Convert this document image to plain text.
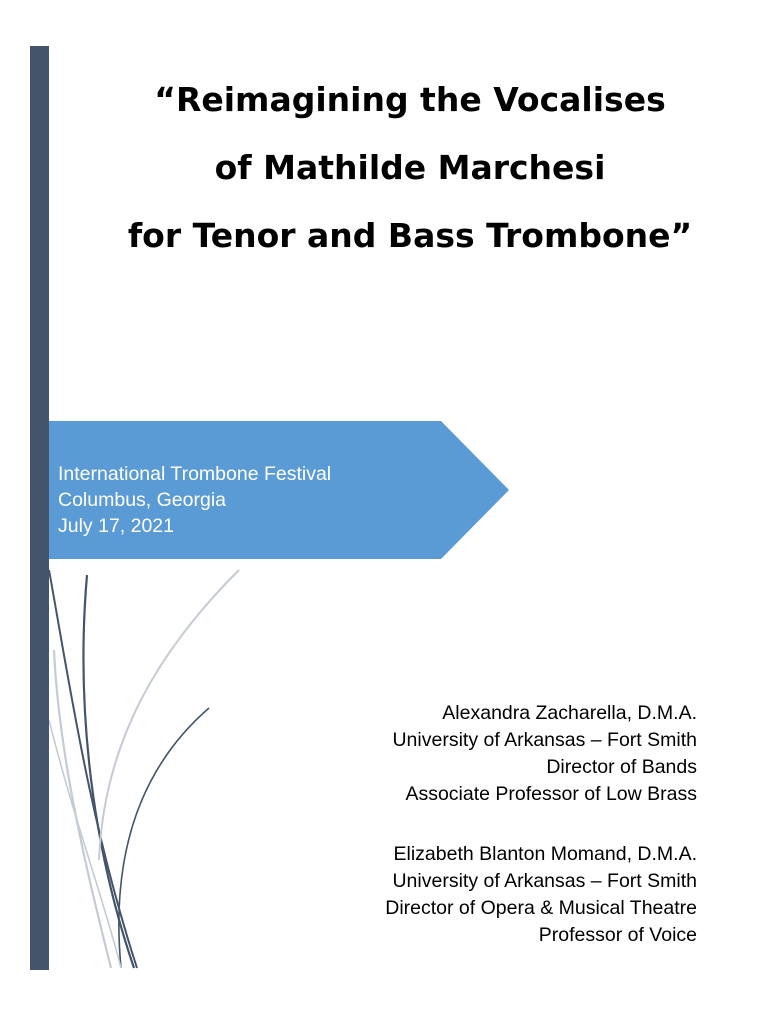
“Reimagining the Vocalises
of Mathilde Marchesi
for Tenor and Bass Trombone”
International Trombone Festival
Columbus, Georgia
July 17, 2021
Alexandra Zacharella, D.M.A.
University of Arkansas – Fort Smith
Director of Bands
Associate Professor of Low Brass
Elizabeth Blanton Momand, D.M.A.
University of Arkansas – Fort Smith
Director of Opera & Musical Theatre
Professor of Voice
